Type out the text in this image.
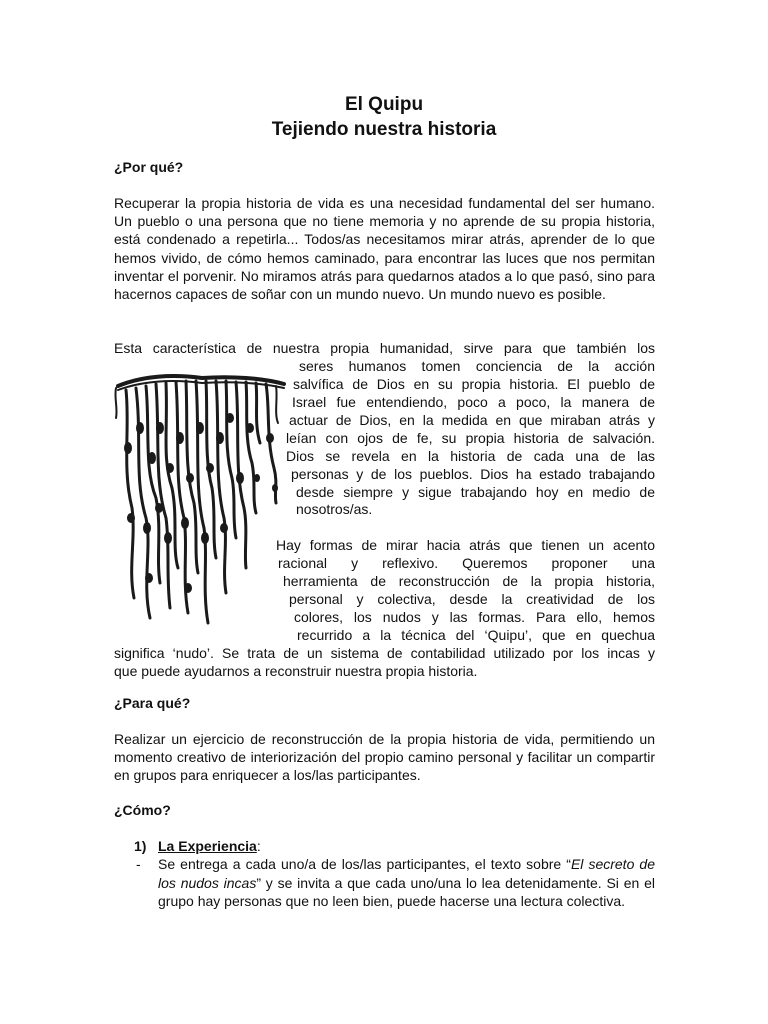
El Quipu
Tejiendo nuestra historia
¿Por qué?

Recuperar la propia historia de vida es una necesidad fundamental del ser humano. Un pueblo o una persona que no tiene memoria y no aprende de su propia historia, está condenado a repetirla... Todos/as necesitamos mirar atrás, aprender de lo que hemos vivido, de cómo hemos caminado, para encontrar las luces que nos permitan inventar el porvenir. No miramos atrás para quedarnos atados a lo que pasó, sino para hacernos capaces de soñar con un mundo nuevo. Un mundo nuevo es posible.

Esta característica de nuestra propia humanidad, sirve para que también los
seres humanos tomen conciencia de la acción
salvífica de Dios en su propia historia. El pueblo de
Israel fue entendiendo, poco a poco, la manera de
actuar de Dios, en la medida en que miraban atrás y
leían con ojos de fe, su propia historia de salvación.
Dios se revela en la historia de cada una de las
personas y de los pueblos. Dios ha estado trabajando
desde siempre y sigue trabajando hoy en medio de
nosotros/as.
Hay formas de mirar hacia atrás que tienen un acento
racional y reflexivo. Queremos proponer una
herramienta de reconstrucción de la propia historia,
personal y colectiva, desde la creatividad de los
colores, los nudos y las formas. Para ello, hemos
recurrido a la técnica del ‘Quipu’, que en quechua
significa ‘nudo’. Se trata de un sistema de contabilidad utilizado por los incas y
que puede ayudarnos a reconstruir nuestra propia historia.
¿Para qué?

Realizar un ejercicio de reconstrucción de la propia historia de vida, permitiendo un momento creativo de interiorización del propio camino personal y facilitar un compartir en grupos para enriquecer a los/las participantes.

¿Cómo?
1) La Experiencia:
- Se entrega a cada uno/a de los/las participantes, el texto sobre “El secreto de los nudos incas” y se invita a que cada uno/una lo lea detenidamente. Si en el grupo hay personas que no leen bien, puede hacerse una lectura colectiva.
